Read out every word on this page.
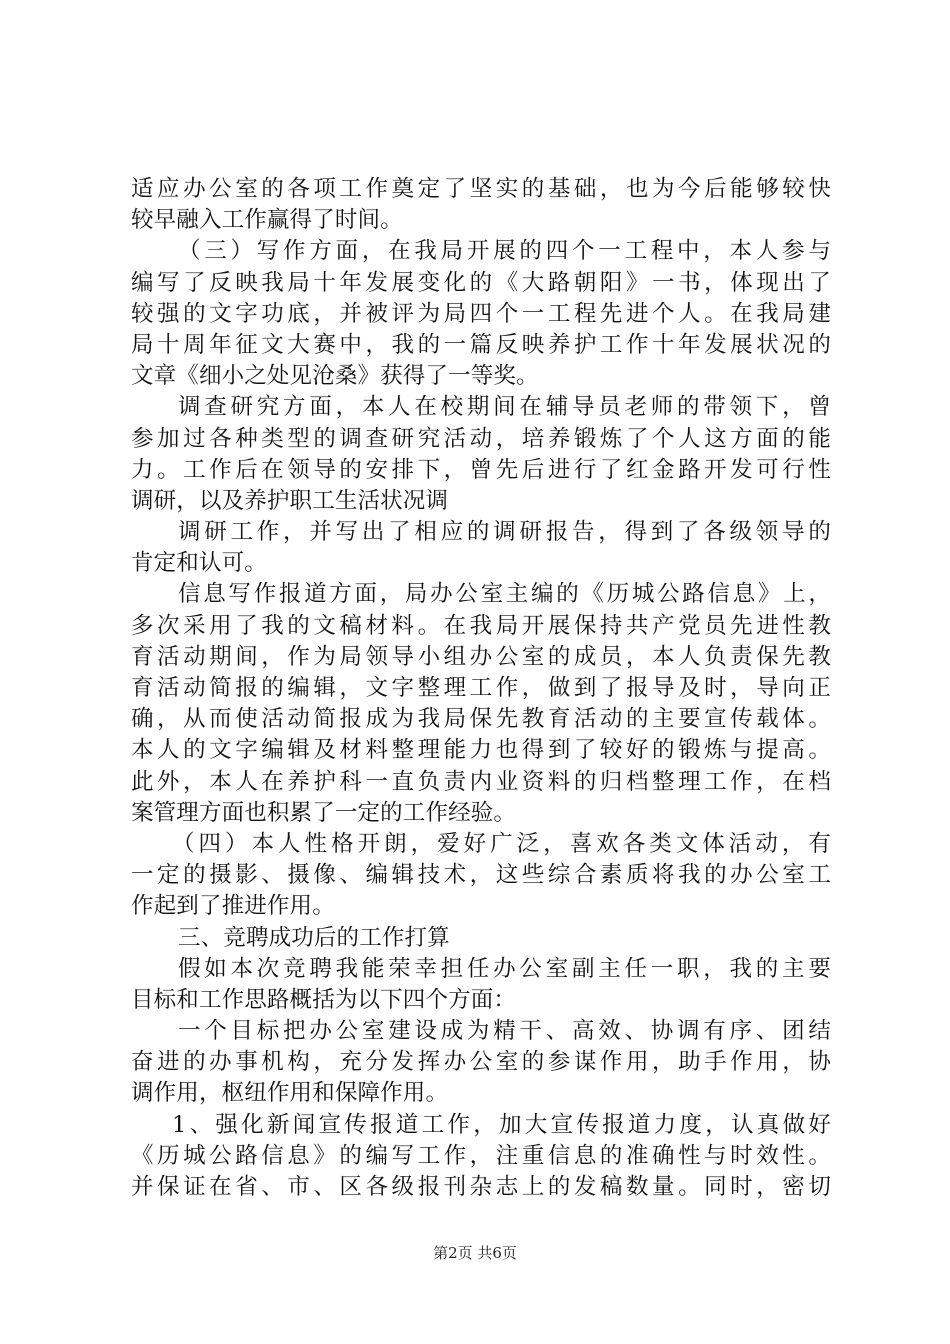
适应办公室的各项工作奠定了坚实的基础，也为今后能够较快
较早融入工作赢得了时间。
（三）写作方面，在我局开展的四个一工程中，本人参与
编写了反映我局十年发展变化的《大路朝阳》一书，体现出了
较强的文字功底，并被评为局四个一工程先进个人。在我局建
局十周年征文大赛中，我的一篇反映养护工作十年发展状况的
文章《细小之处见沧桑》获得了一等奖。
调查研究方面，本人在校期间在辅导员老师的带领下，曾
参加过各种类型的调查研究活动，培养锻炼了个人这方面的能
力。工作后在领导的安排下，曾先后进行了红金路开发可行性
调研，以及养护职工生活状况调
调研工作，并写出了相应的调研报告，得到了各级领导的
肯定和认可。
信息写作报道方面，局办公室主编的《历城公路信息》上，
多次采用了我的文稿材料。在我局开展保持共产党员先进性教
育活动期间，作为局领导小组办公室的成员，本人负责保先教
育活动简报的编辑，文字整理工作，做到了报导及时，导向正
确，从而使活动简报成为我局保先教育活动的主要宣传载体。
本人的文字编辑及材料整理能力也得到了较好的锻炼与提高。
此外，本人在养护科一直负责内业资料的归档整理工作，在档
案管理方面也积累了一定的工作经验。
（四）本人性格开朗，爱好广泛，喜欢各类文体活动，有
一定的摄影、摄像、编辑技术，这些综合素质将我的办公室工
作起到了推进作用。
三、竞聘成功后的工作打算
假如本次竞聘我能荣幸担任办公室副主任一职，我的主要
目标和工作思路概括为以下四个方面：
一个目标把办公室建设成为精干、高效、协调有序、团结
奋进的办事机构，充分发挥办公室的参谋作用，助手作用，协
调作用，枢纽作用和保障作用。
1、强化新闻宣传报道工作，加大宣传报道力度，认真做好
《历城公路信息》的编写工作，注重信息的准确性与时效性。
并保证在省、市、区各级报刊杂志上的发稿数量。同时，密切
第2页 共6页
